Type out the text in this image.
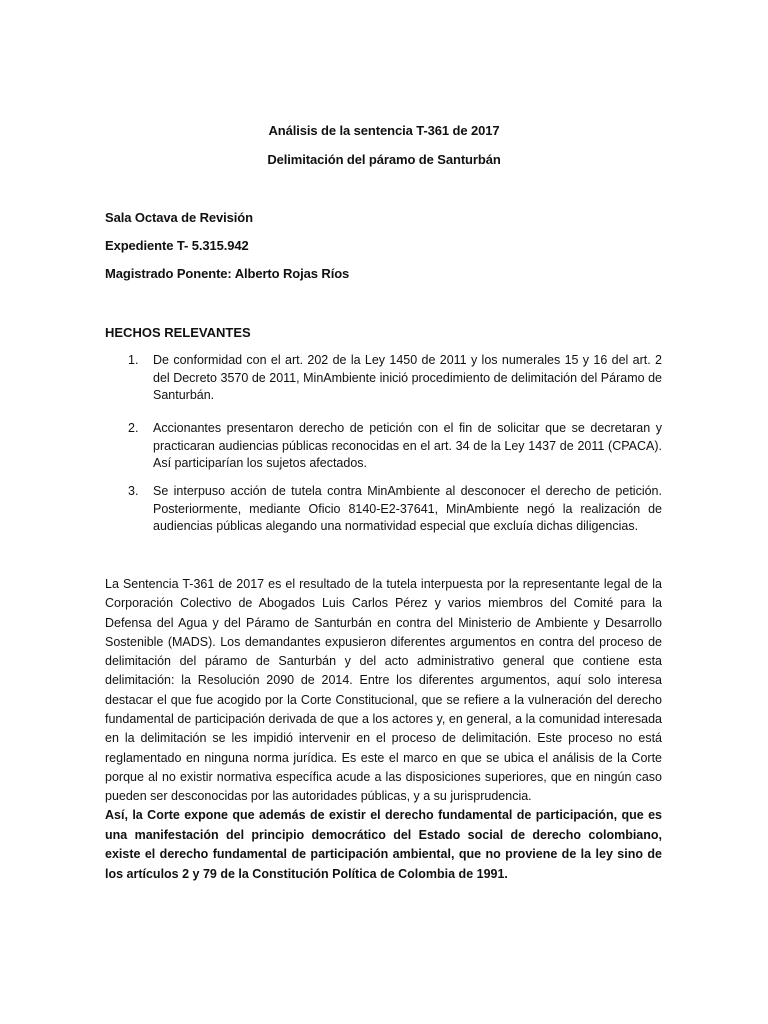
Análisis de la sentencia T-361 de 2017
Delimitación del páramo de Santurbán
Sala Octava de Revisión
Expediente T- 5.315.942
Magistrado Ponente: Alberto Rojas Ríos
HECHOS RELEVANTES
1. De conformidad con el art. 202 de la Ley 1450 de 2011 y los numerales 15 y 16 del art. 2 del Decreto 3570 de 2011, MinAmbiente inició procedimiento de delimitación del Páramo de Santurbán.
2. Accionantes presentaron derecho de petición con el fin de solicitar que se decretaran y practicaran audiencias públicas reconocidas en el art. 34 de la Ley 1437 de 2011 (CPACA). Así participarían los sujetos afectados.
3. Se interpuso acción de tutela contra MinAmbiente al desconocer el derecho de petición. Posteriormente, mediante Oficio 8140-E2-37641, MinAmbiente negó la realización de audiencias públicas alegando una normatividad especial que excluía dichas diligencias.
La Sentencia T-361 de 2017 es el resultado de la tutela interpuesta por la representante legal de la Corporación Colectivo de Abogados Luis Carlos Pérez y varios miembros del Comité para la Defensa del Agua y del Páramo de Santurbán en contra del Ministerio de Ambiente y Desarrollo Sostenible (MADS). Los demandantes expusieron diferentes argumentos en contra del proceso de delimitación del páramo de Santurbán y del acto administrativo general que contiene esta delimitación: la Resolución 2090 de 2014. Entre los diferentes argumentos, aquí solo interesa destacar el que fue acogido por la Corte Constitucional, que se refiere a la vulneración del derecho fundamental de participación derivada de que a los actores y, en general, a la comunidad interesada en la delimitación se les impidió intervenir en el proceso de delimitación. Este proceso no está reglamentado en ninguna norma jurídica. Es este el marco en que se ubica el análisis de la Corte porque al no existir normativa específica acude a las disposiciones superiores, que en ningún caso pueden ser desconocidas por las autoridades públicas, y a su jurisprudencia.
Así, la Corte expone que además de existir el derecho fundamental de participación, que es una manifestación del principio democrático del Estado social de derecho colombiano, existe el derecho fundamental de participación ambiental, que no proviene de la ley sino de los artículos 2 y 79 de la Constitución Política de Colombia de 1991.
